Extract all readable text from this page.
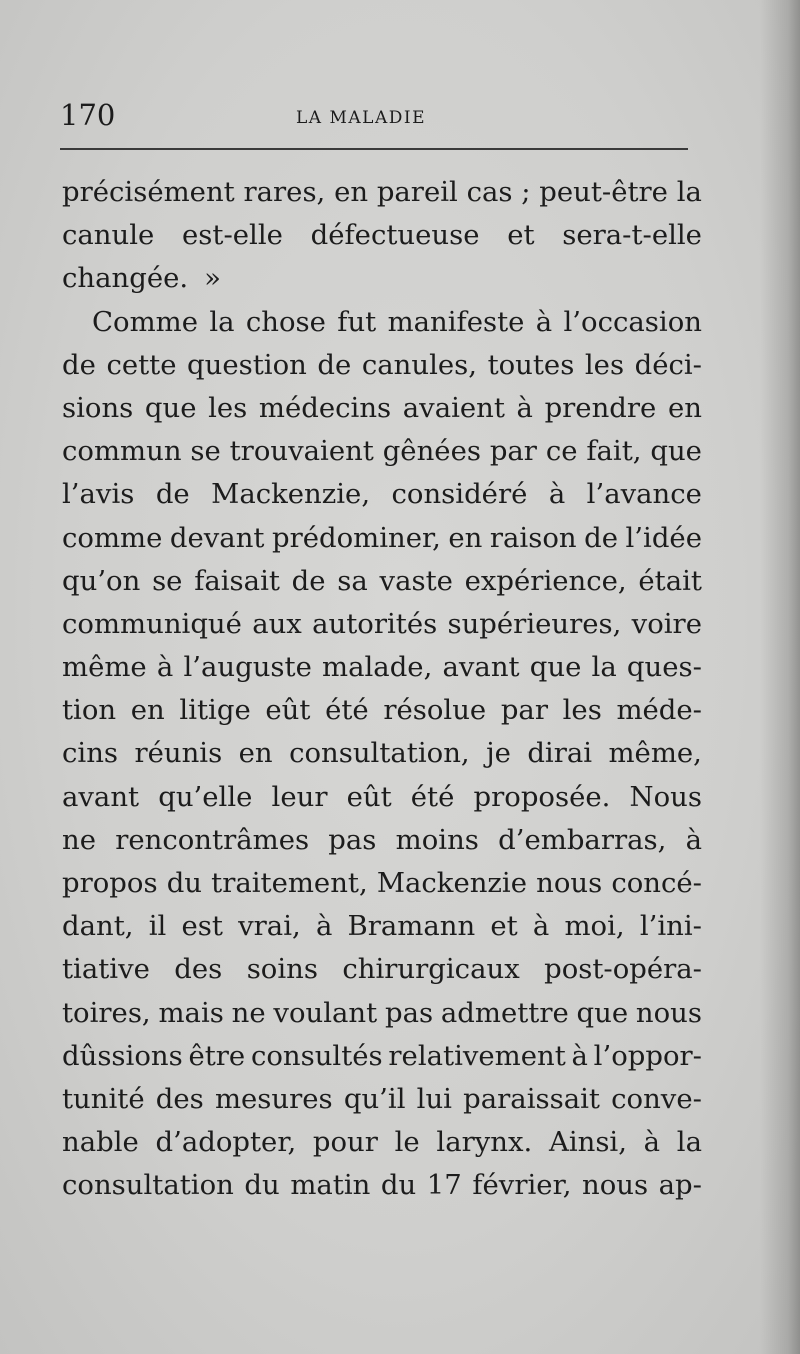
170	LA MALADIE
précisément rares, en pareil cas ; peut-être la
canule est-elle défectueuse et sera-t-elle
changée. »
Comme la chose fut manifeste à l’occasion
de cette question de canules, toutes les déci-
sions que les médecins avaient à prendre en
commun se trouvaient gênées par ce fait, que
l’avis de Mackenzie, considéré à l’avance
comme devant prédominer, en raison de l’idée
qu’on se faisait de sa vaste expérience, était
communiqué aux autorités supérieures, voire
même à l’auguste malade, avant que la ques-
tion en litige eût été résolue par les méde-
cins réunis en consultation, je dirai même,
avant qu’elle leur eût été proposée. Nous
ne rencontrâmes pas moins d’embarras, à
propos du traitement, Mackenzie nous concé-
dant, il est vrai, à Bramann et à moi, l’ini-
tiative des soins chirurgicaux post-opéra-
toires, mais ne voulant pas admettre que nous
dûssions être consultés relativement à l’oppor-
tunité des mesures qu’il lui paraissait conve-
nable d’adopter, pour le larynx. Ainsi, à la
consultation du matin du 17 février, nous ap-
